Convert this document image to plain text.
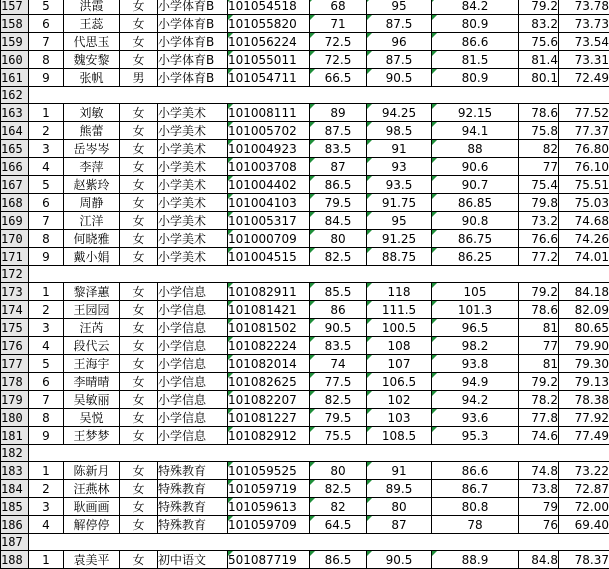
157	5	洪霞	女	小学体育B	101054518	68	95	84.2	79.2	73.78
158	6	王蕊	女	小学体育B	101055820	71	87.5	80.9	83.2	73.73
159	7	代思玉	女	小学体育B	101056224	72.5	96	86.6	75.6	73.54
160	8	魏安黎	女	小学体育B	101055011	72.5	87.5	81.5	81.4	73.31
161	9	张帆	男	小学体育B	101054711	66.5	90.5	80.9	80.1	72.49
162										
163	1	刘敏	女	小学美术	101008111	89	94.25	92.15	78.6	77.52
164	2	熊蕾	女	小学美术	101005702	87.5	98.5	94.1	75.8	77.37
165	3	岳岑岑	女	小学美术	101004923	83.5	91	88	82	76.80
166	4	李萍	女	小学美术	101003708	87	93	90.6	77	76.10
167	5	赵紫玲	女	小学美术	101004402	86.5	93.5	90.7	75.4	75.51
168	6	周静	女	小学美术	101004103	79.5	91.75	86.85	79.8	75.03
169	7	江洋	女	小学美术	101005317	84.5	95	90.8	73.2	74.68
170	8	何晓雅	女	小学美术	101000709	80	91.25	86.75	76.6	74.26
171	9	戴小娟	女	小学美术	101004515	82.5	88.75	86.25	77.2	74.01
172										
173	1	黎泽蕙	女	小学信息	101082911	85.5	118	105	79.2	84.18
174	2	王园园	女	小学信息	101081421	86	111.5	101.3	78.6	82.09
175	3	汪芮	女	小学信息	101081502	90.5	100.5	96.5	81	80.65
176	4	段代云	女	小学信息	101082224	83.5	108	98.2	77	79.90
177	5	王海宇	女	小学信息	101082014	74	107	93.8	81	79.30
178	6	李晴晴	女	小学信息	101082625	77.5	106.5	94.9	79.2	79.13
179	7	吴敏丽	女	小学信息	101082207	82.5	102	94.2	78.2	78.38
180	8	吴悦	女	小学信息	101081227	79.5	103	93.6	77.8	77.92
181	9	王梦梦	女	小学信息	101082912	75.5	108.5	95.3	74.6	77.49
182										
183	1	陈新月	女	特殊教育	101059525	80	91	86.6	74.8	73.22
184	2	汪燕林	女	特殊教育	101059719	82.5	89.5	86.7	73.8	72.87
185	3	耿画画	女	特殊教育	101059613	82	80	80.8	79	72.00
186	4	解停停	女	特殊教育	101059709	64.5	87	78	76	69.40
187										
188	1	袁美平	女	初中语文	501087719	86.5	90.5	88.9	84.8	78.37
